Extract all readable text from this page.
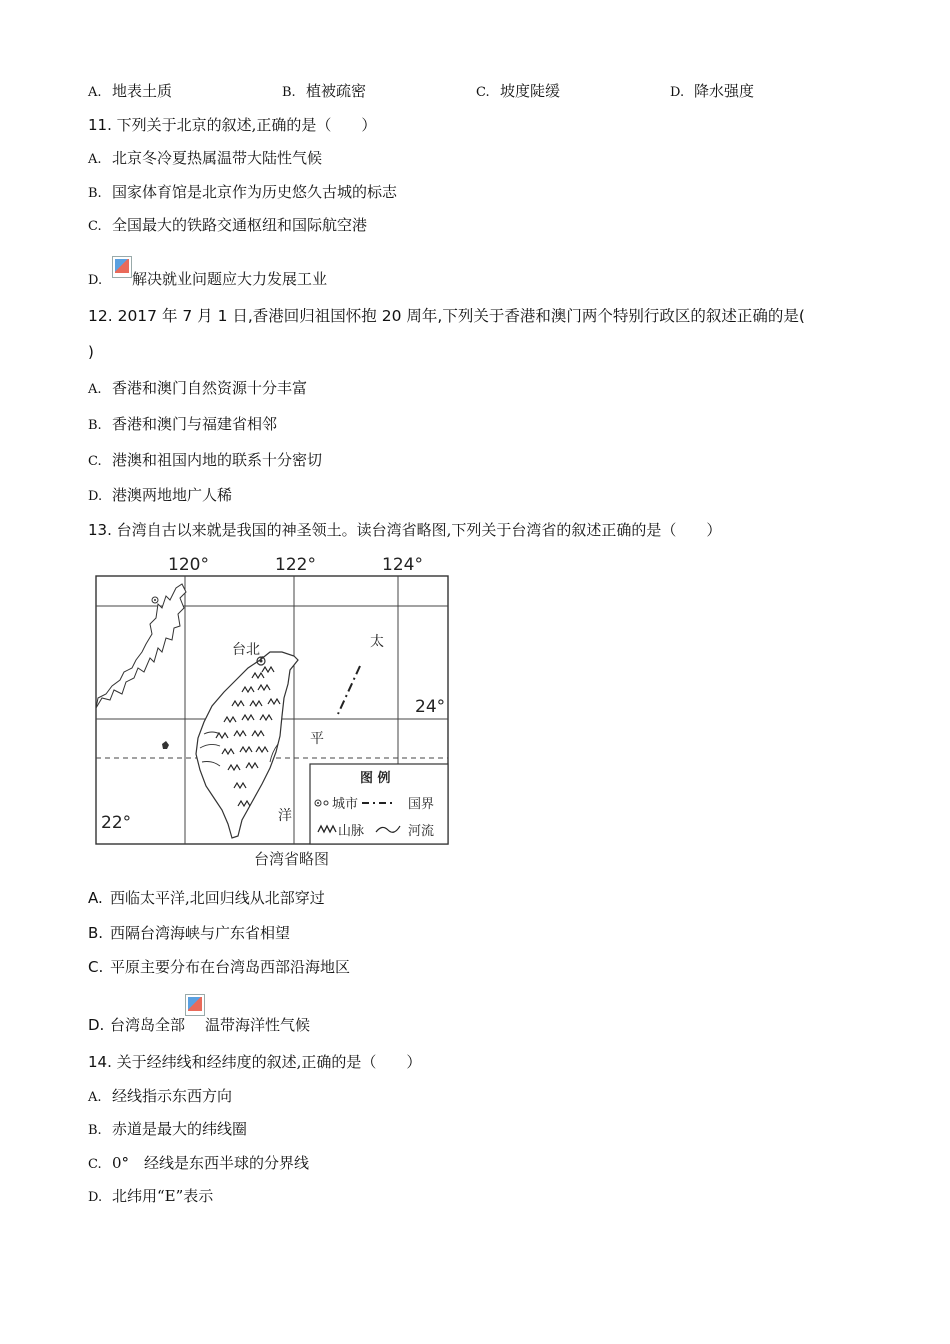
A. 地表土质	B. 植被疏密	C. 坡度陡缓	D. 降水强度
11. 下列关于北京的叙述,正确的是（　　）
A. 北京冬冷夏热属温带大陆性气候
B. 国家体育馆是北京作为历史悠久古城的标志
C. 全国最大的铁路交通枢纽和国际航空港
D. 解决就业问题应大力发展工业
12. 2017 年 7 月 1 日,香港回归祖国怀抱 20 周年,下列关于香港和澳门两个特别行政区的叙述正确的是(
)
A. 香港和澳门自然资源十分丰富
B. 香港和澳门与福建省相邻
C. 港澳和祖国内地的联系十分密切
D. 港澳两地地广人稀
13. 台湾自古以来就是我国的神圣领土。读台湾省略图,下列关于台湾省的叙述正确的是（　　）
120°	122°	124°
24°
22°
台北	太
平
洋
图 例
城市	国界
山脉	河流
台湾省略图
A. 西临太平洋,北回归线从北部穿过
B. 西隔台湾海峡与广东省相望
C. 平原主要分布在台湾岛西部沿海地区
D. 台湾岛全部 温带海洋性气候
14. 关于经纬线和经纬度的叙述,正确的是（　　）
A. 经线指示东西方向
B. 赤道是最大的纬线圈
C. 0°　经线是东西半球的分界线
D. 北纬用“E”表示
